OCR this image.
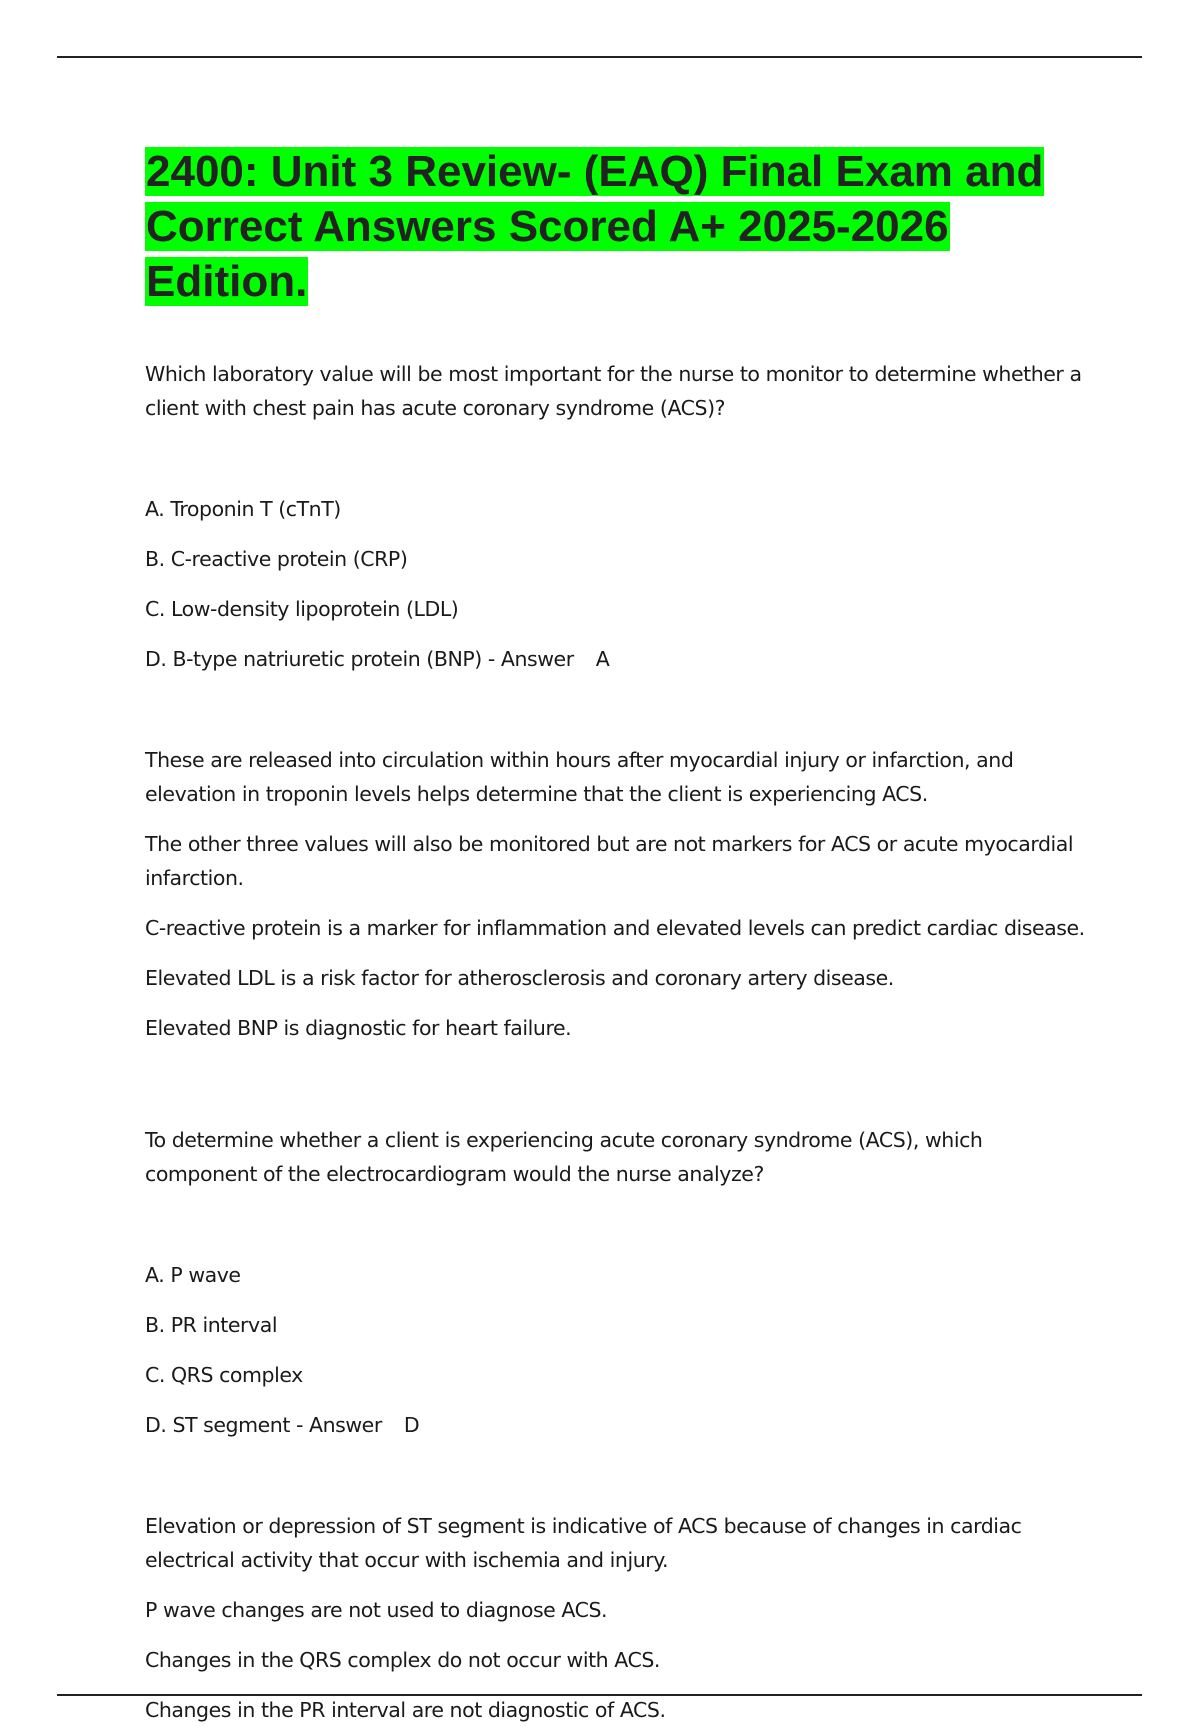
2400: Unit 3 Review- (EAQ) Final Exam and Correct Answers Scored A+ 2025-2026 Edition.

Which laboratory value will be most important for the nurse to monitor to determine whether a client with chest pain has acute coronary syndrome (ACS)?

A. Troponin T (cTnT)

B. C-reactive protein (CRP)

C. Low-density lipoprotein (LDL)

D. B-type natriuretic protein (BNP) - Answer A

These are released into circulation within hours after myocardial injury or infarction, and elevation in troponin levels helps determine that the client is experiencing ACS.

The other three values will also be monitored but are not markers for ACS or acute myocardial infarction.

C-reactive protein is a marker for inflammation and elevated levels can predict cardiac disease.

Elevated LDL is a risk factor for atherosclerosis and coronary artery disease.

Elevated BNP is diagnostic for heart failure.

To determine whether a client is experiencing acute coronary syndrome (ACS), which component of the electrocardiogram would the nurse analyze?

A. P wave

B. PR interval

C. QRS complex

D. ST segment - Answer D

Elevation or depression of ST segment is indicative of ACS because of changes in cardiac electrical activity that occur with ischemia and injury.

P wave changes are not used to diagnose ACS.

Changes in the QRS complex do not occur with ACS.

Changes in the PR interval are not diagnostic of ACS.
